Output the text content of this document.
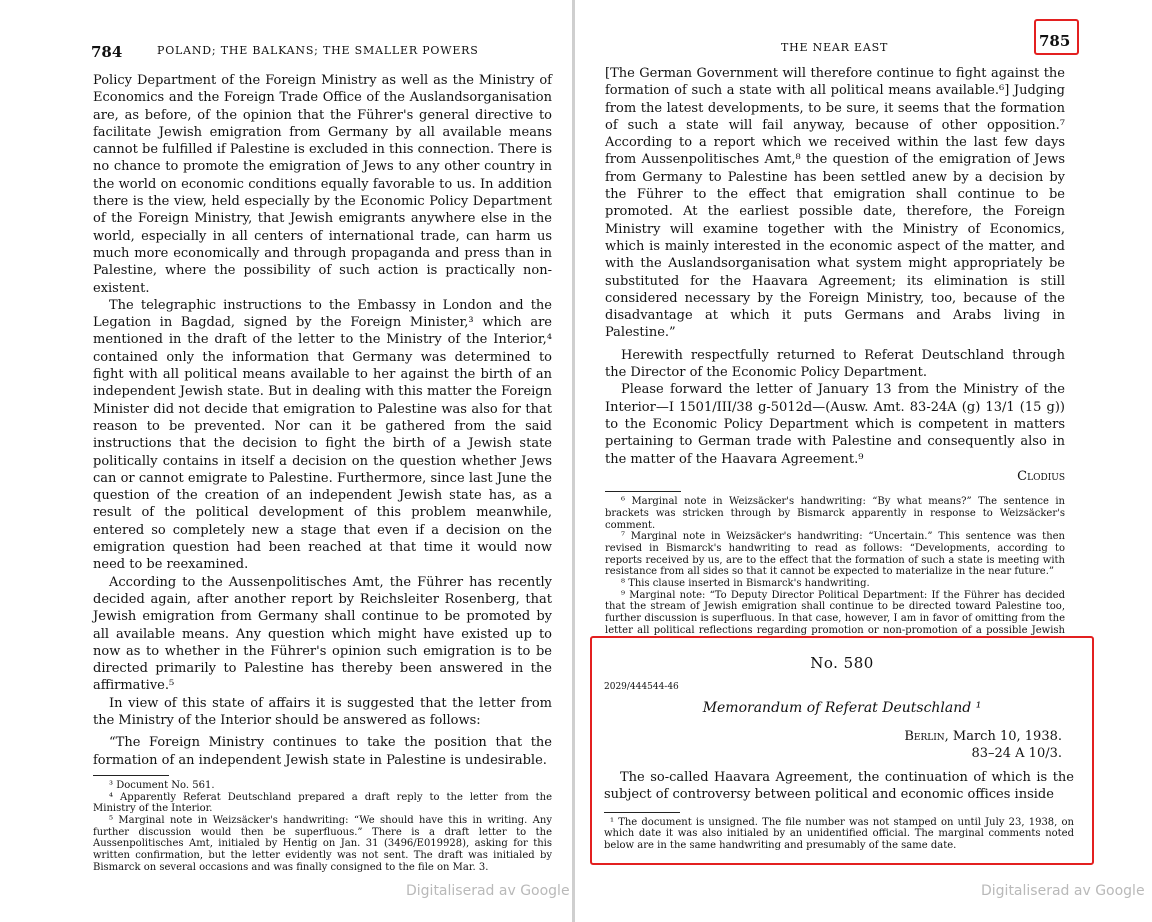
784	POLAND; THE BALKANS; THE SMALLER POWERS

Policy Department of the Foreign Ministry as well as the Ministry of Economics and the Foreign Trade Office of the Auslandsorganisation are, as before, of the opinion that the Führer's general directive to facilitate Jewish emigration from Germany by all available means cannot be fulfilled if Palestine is excluded in this connection. There is no chance to promote the emigration of Jews to any other country in the world on economic conditions equally favorable to us. In addition there is the view, held especially by the Economic Policy Department of the Foreign Ministry, that Jewish emigrants anywhere else in the world, especially in all centers of international trade, can harm us much more economically and through propaganda and press than in Palestine, where the possibility of such action is practically non-existent.

The telegraphic instructions to the Embassy in London and the Legation in Bagdad, signed by the Foreign Minister,³ which are mentioned in the draft of the letter to the Ministry of the Interior,⁴ contained only the information that Germany was determined to fight with all political means available to her against the birth of an independent Jewish state. But in dealing with this matter the Foreign Minister did not decide that emigration to Palestine was also for that reason to be prevented. Nor can it be gathered from the said instructions that the decision to fight the birth of a Jewish state politically contains in itself a decision on the question whether Jews can or cannot emigrate to Palestine. Furthermore, since last June the question of the creation of an independent Jewish state has, as a result of the political development of this problem meanwhile, entered so completely new a stage that even if a decision on the emigration question had been reached at that time it would now need to be reexamined.

According to the Aussenpolitisches Amt, the Führer has recently decided again, after another report by Reichsleiter Rosenberg, that Jewish emigration from Germany shall continue to be promoted by all available means. Any question which might have existed up to now as to whether in the Führer's opinion such emigration is to be directed primarily to Palestine has thereby been answered in the affirmative.⁵

In view of this state of affairs it is suggested that the letter from the Ministry of the Interior should be answered as follows:

“The Foreign Ministry continues to take the position that the formation of an independent Jewish state in Palestine is undesirable.

³ Document No. 561.

⁴ Apparently Referat Deutschland prepared a draft reply to the letter from the Ministry of the Interior.

⁵ Marginal note in Weizsäcker's handwriting: “We should have this in writing. Any further discussion would then be superfluous.” There is a draft letter to the Aussenpolitisches Amt, initialed by Hentig on Jan. 31 (3496/E019928), asking for this written confirmation, but the letter evidently was not sent. The draft was initialed by Bismarck on several occasions and was finally consigned to the file on Mar. 3.

Digitaliserad av Google
THE NEAR EAST	785

[The German Government will therefore continue to fight against the formation of such a state with all political means available.⁶] Judging from the latest developments, to be sure, it seems that the formation of such a state will fail anyway, because of other opposition.⁷ According to a report which we received within the last few days from Aussenpolitisches Amt,⁸ the question of the emigration of Jews from Germany to Palestine has been settled anew by a decision by the Führer to the effect that emigration shall continue to be promoted. At the earliest possible date, therefore, the Foreign Ministry will examine together with the Ministry of Economics, which is mainly interested in the economic aspect of the matter, and with the Auslandsorganisation what system might appropriately be substituted for the Haavara Agreement; its elimination is still considered necessary by the Foreign Ministry, too, because of the disadvantage at which it puts Germans and Arabs living in Palestine.”

Herewith respectfully returned to Referat Deutschland through the Director of the Economic Policy Department.

Please forward the letter of January 13 from the Ministry of the Interior—I 1501/III/38 g-5012d—(Ausw. Amt. 83-24A (g) 13/1 (15 g)) to the Economic Policy Department which is competent in matters pertaining to German trade with Palestine and consequently also in the matter of the Haavara Agreement.⁹

Clodius

⁶ Marginal note in Weizsäcker's handwriting: “By what means?” The sentence in brackets was stricken through by Bismarck apparently in response to Weizsäcker's comment.

⁷ Marginal note in Weizsäcker's handwriting: “Uncertain.” This sentence was then revised in Bismarck's handwriting to read as follows: “Developments, according to reports received by us, are to the effect that the formation of such a state is meeting with resistance from all sides so that it cannot be expected to materialize in the near future.”

⁸ This clause inserted in Bismarck's handwriting.

⁹ Marginal note: “To Deputy Director Political Department: If the Führer has decided that the stream of Jewish emigration shall continue to be directed toward Palestine too, further discussion is superfluous. In that case, however, I am in favor of omitting from the letter all political reflections regarding promotion or non-promotion of a possible Jewish

Digitaliserad av Google
No. 580
2029/444544-46
Memorandum of Referat Deutschland ¹
Berlin, March 10, 1938.
83–24 A 10/3.
The so-called Haavara Agreement, the continuation of which is the subject of controversy between political and economic offices inside
¹ The document is unsigned. The file number was not stamped on until July 23, 1938, on which date it was also initialed by an unidentified official. The marginal comments noted below are in the same handwriting and presumably of the same date.
